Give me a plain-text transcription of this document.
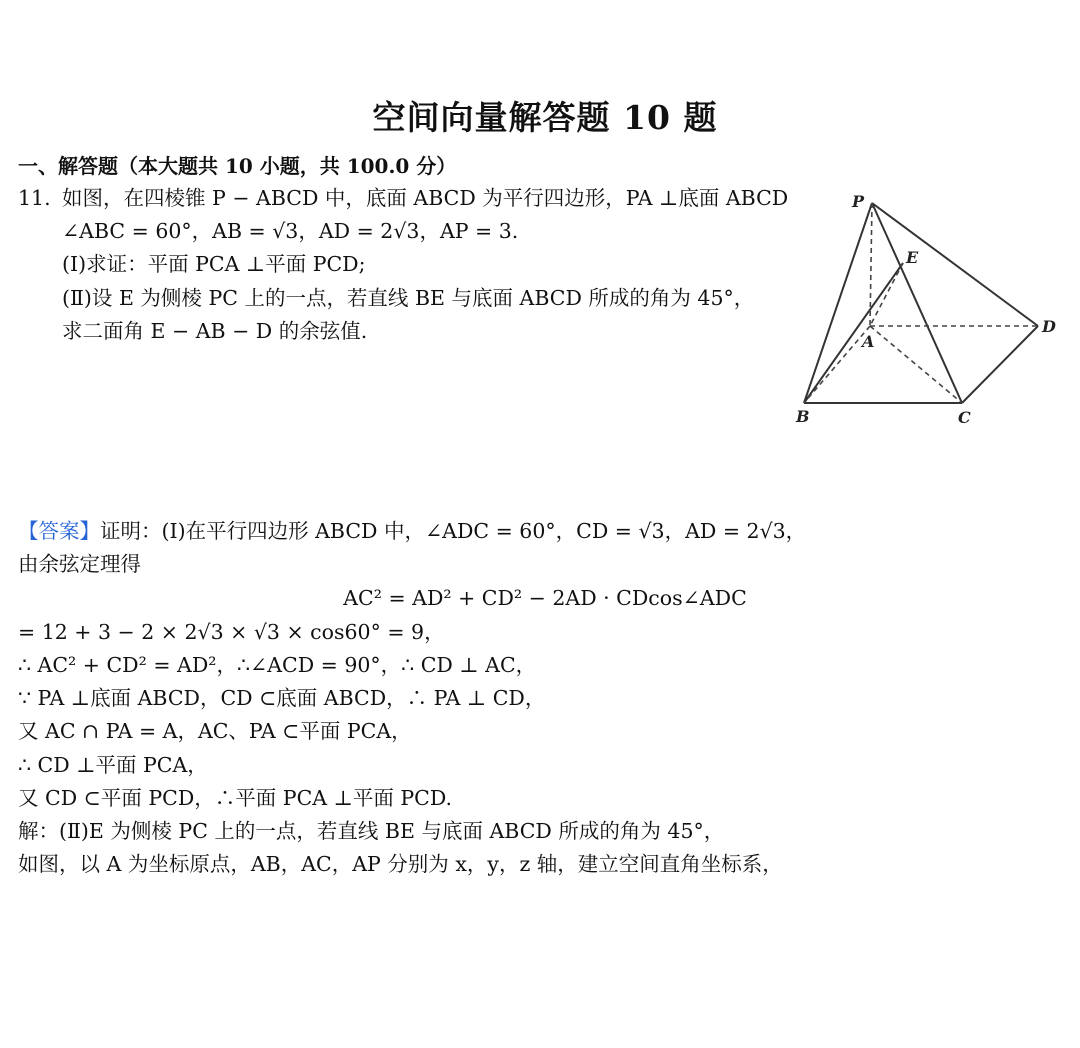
空间向量解答题 10 题
一、解答题（本大题共 10 小题，共 100.0 分）
11. 如图，在四棱锥 P − ABCD 中，底面 ABCD 为平行四边形，PA ⊥底面 ABCD
∠ABC = 60°，AB = √3，AD = 2√3，AP = 3.
(Ⅰ)求证：平面 PCA ⊥平面 PCD;
(Ⅱ)设 E 为侧棱 PC 上的一点，若直线 BE 与底面 ABCD 所成的角为 45°，
求二面角 E − AB − D 的余弦值.
P
E
A
D
B	C
【答案】证明：(Ⅰ)在平行四边形 ABCD 中，∠ADC = 60°，CD = √3，AD = 2√3，
由余弦定理得
AC² = AD² + CD² − 2AD · CDcos∠ADC
= 12 + 3 − 2 × 2√3 × √3 × cos60° = 9，
∴ AC² + CD² = AD²，∴∠ACD = 90°，∴ CD ⊥ AC，
∵ PA ⊥底面 ABCD，CD ⊂底面 ABCD，∴ PA ⊥ CD，
又 AC ∩ PA = A，AC、PA ⊂平面 PCA，
∴ CD ⊥平面 PCA，
又 CD ⊂平面 PCD，∴平面 PCA ⊥平面 PCD.
解：(Ⅱ)E 为侧棱 PC 上的一点，若直线 BE 与底面 ABCD 所成的角为 45°，
如图，以 A 为坐标原点，AB，AC，AP 分别为 x，y，z 轴，建立空间直角坐标系，
